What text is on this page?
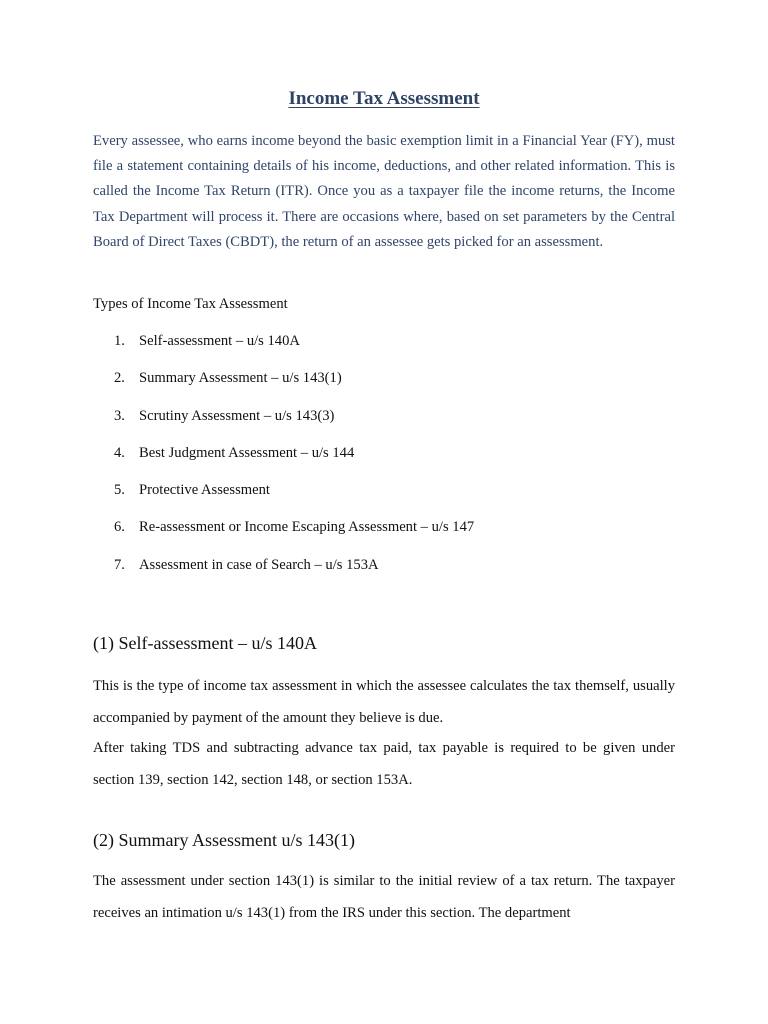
Income Tax Assessment

Every assessee, who earns income beyond the basic exemption limit in a Financial Year (FY), must file a statement containing details of his income, deductions, and other related information. This is called the Income Tax Return (ITR). Once you as a taxpayer file the income returns, the Income Tax Department will process it. There are occasions where, based on set parameters by the Central Board of Direct Taxes (CBDT), the return of an assessee gets picked for an assessment.

Types of Income Tax Assessment

1. Self-assessment – u/s 140A
2. Summary Assessment – u/s 143(1)
3. Scrutiny Assessment – u/s 143(3)
4. Best Judgment Assessment – u/s 144
5. Protective Assessment
6. Re-assessment or Income Escaping Assessment – u/s 147
7. Assessment in case of Search – u/s 153A
(1) Self-assessment – u/s 140A

This is the type of income tax assessment in which the assessee calculates the tax themself, usually accompanied by payment of the amount they believe is due.

After taking TDS and subtracting advance tax paid, tax payable is required to be given under section 139, section 142, section 148, or section 153A.

(2) Summary Assessment u/s 143(1)

The assessment under section 143(1) is similar to the initial review of a tax return. The taxpayer receives an intimation u/s 143(1) from the IRS under this section. The department
